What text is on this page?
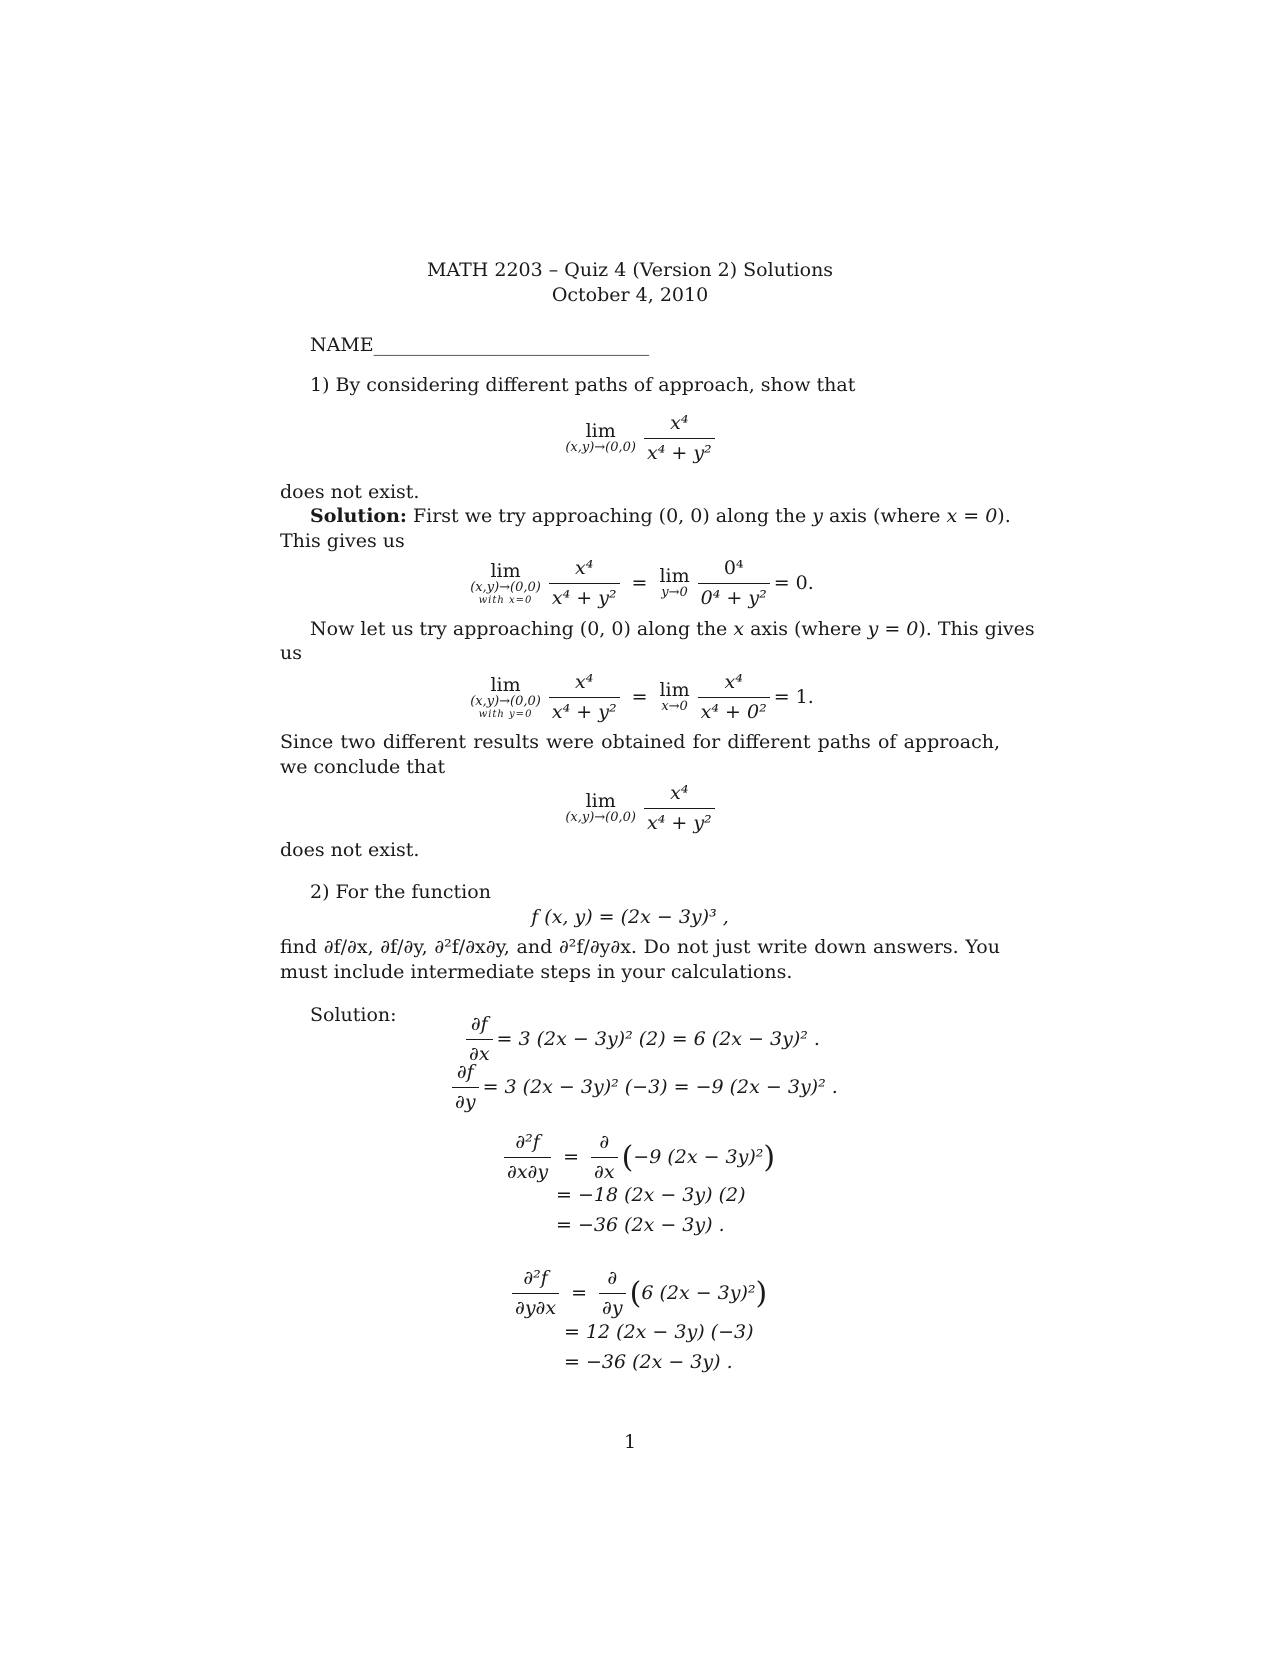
MATH 2203 – Quiz 4 (Version 2) Solutions
October 4, 2010
NAME_____________________________
1) By considering different paths of approach, show that
lim
$(x,y)\to(0,0) \frac{\text{x⁴}}{\text{x⁴ + y²}}$
does not exist.
Solution: First we try approaching (0, 0) along the y axis (where x = 0).
This gives us
lim
(x,y)→(0,0)
with $x=0 \frac{\text{x⁴}}{\text{x⁴ + y²}} = \lim$
$y\to 0 \frac{\text{0⁴}}{\text{0⁴ + y²}} = 0$.
Now let us try approaching (0, 0) along the x axis (where y = 0). This gives
us
lim
(x,y)→(0,0)
with $y=0 \frac{\text{x⁴}}{\text{x⁴ + y²}} = \lim$
$x\to 0 \frac{\text{x⁴}}{\text{x⁴ + 0²}} = 1$.
Since two different results were obtained for different paths of approach, we conclude that
lim
$(x,y)\to(0,0) \frac{\text{x⁴}}{\text{x⁴ + y²}}$
does not exist.
2) For the function
f (x, y) = (2x − 3y)³ ,
find ∂f/∂x, ∂f/∂y, ∂²f/∂x∂y, and ∂²f/∂y∂x. Do not just write down answers. You must include intermediate steps in your calculations.
Solution:	$\frac{\partial f}{\partial x} = 3$ (2x − 3y)² (2) = 6 (2x − 3y)² .
$\frac{\partial f}{\partial y} = 3$ (2x − 3y)² (−3) = −9 (2x − 3y)² .
$\frac{\text{∂²f}}{\partial x\partial y} = \frac{\partial}{\partial x}$ ( −9 (2x − 3y)² )
= −18 (2x − 3y) (2)
= −36 (2x − 3y) .
$\frac{\text{∂²f}}{\partial y\partial x} = \frac{\partial}{\partial y}$ ( 6 (2x − 3y)² )
= 12 (2x − 3y) (−3)
= −36 (2x − 3y) .
1
